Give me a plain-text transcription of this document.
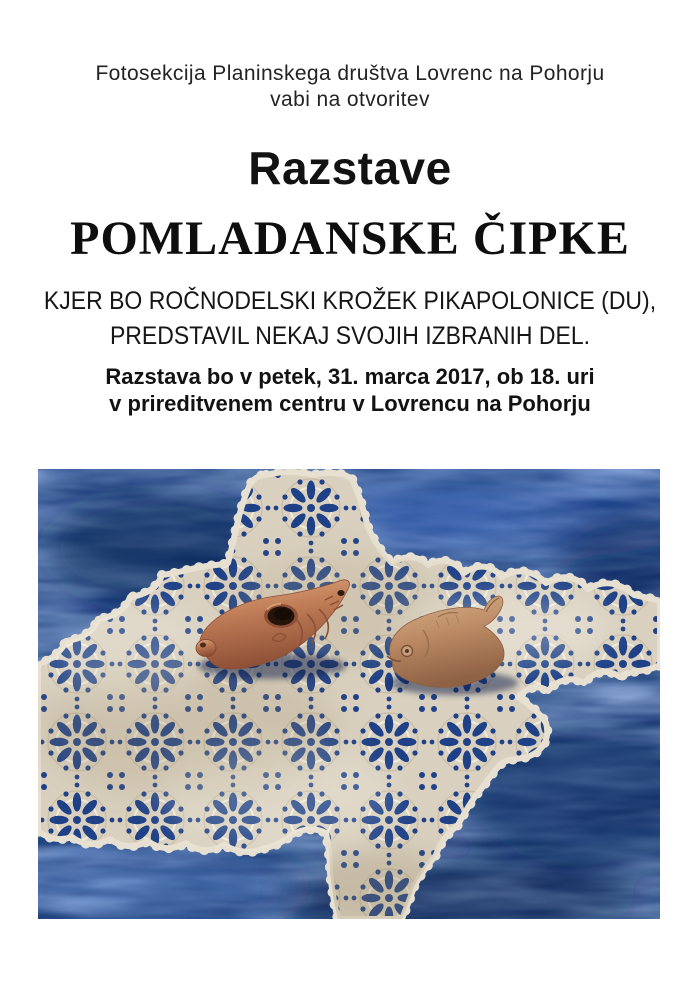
Fotosekcija Planinskega društva Lovrenc na Pohorju
vabi na otvoritev
Razstave
POMLADANSKE ČIPKE
KJER BO ROČNODELSKI KROŽEK PIKAPOLONICE (DU),
PREDSTAVIL NEKAJ SVOJIH IZBRANIH DEL.
Razstava bo v petek, 31. marca 2017, ob 18. uri
v prireditvenem centru v Lovrencu na Pohorju
